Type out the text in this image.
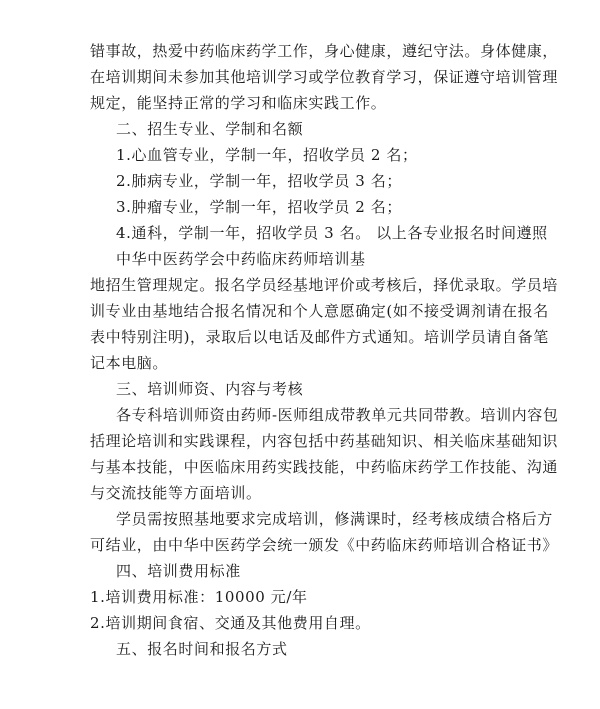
错事故，热爱中药临床药学工作，身心健康，遵纪守法。身体健康，
在培训期间未参加其他培训学习或学位教育学习，保证遵守培训管理
规定，能坚持正常的学习和临床实践工作。
二、招生专业、学制和名额
1.心血管专业，学制一年，招收学员 2 名；
2.肺病专业，学制一年，招收学员 3 名；
3.肿瘤专业，学制一年，招收学员 2 名；
4.通科，学制一年，招收学员 3 名。 以上各专业报名时间遵照
中华中医药学会中药临床药师培训基
地招生管理规定。报名学员经基地评价或考核后，择优录取。学员培
训专业由基地结合报名情况和个人意愿确定(如不接受调剂请在报名
表中特别注明)，录取后以电话及邮件方式通知。培训学员请自备笔
记本电脑。
三、培训师资、内容与考核
各专科培训师资由药师-医师组成带教单元共同带教。培训内容包
括理论培训和实践课程，内容包括中药基础知识、相关临床基础知识
与基本技能，中医临床用药实践技能，中药临床药学工作技能、沟通
与交流技能等方面培训。
学员需按照基地要求完成培训，修满课时，经考核成绩合格后方
可结业，由中华中医药学会统一颁发《中药临床药师培训合格证书》
四、培训费用标准
1.培训费用标准：10000 元/年
2.培训期间食宿、交通及其他费用自理。
五、报名时间和报名方式
